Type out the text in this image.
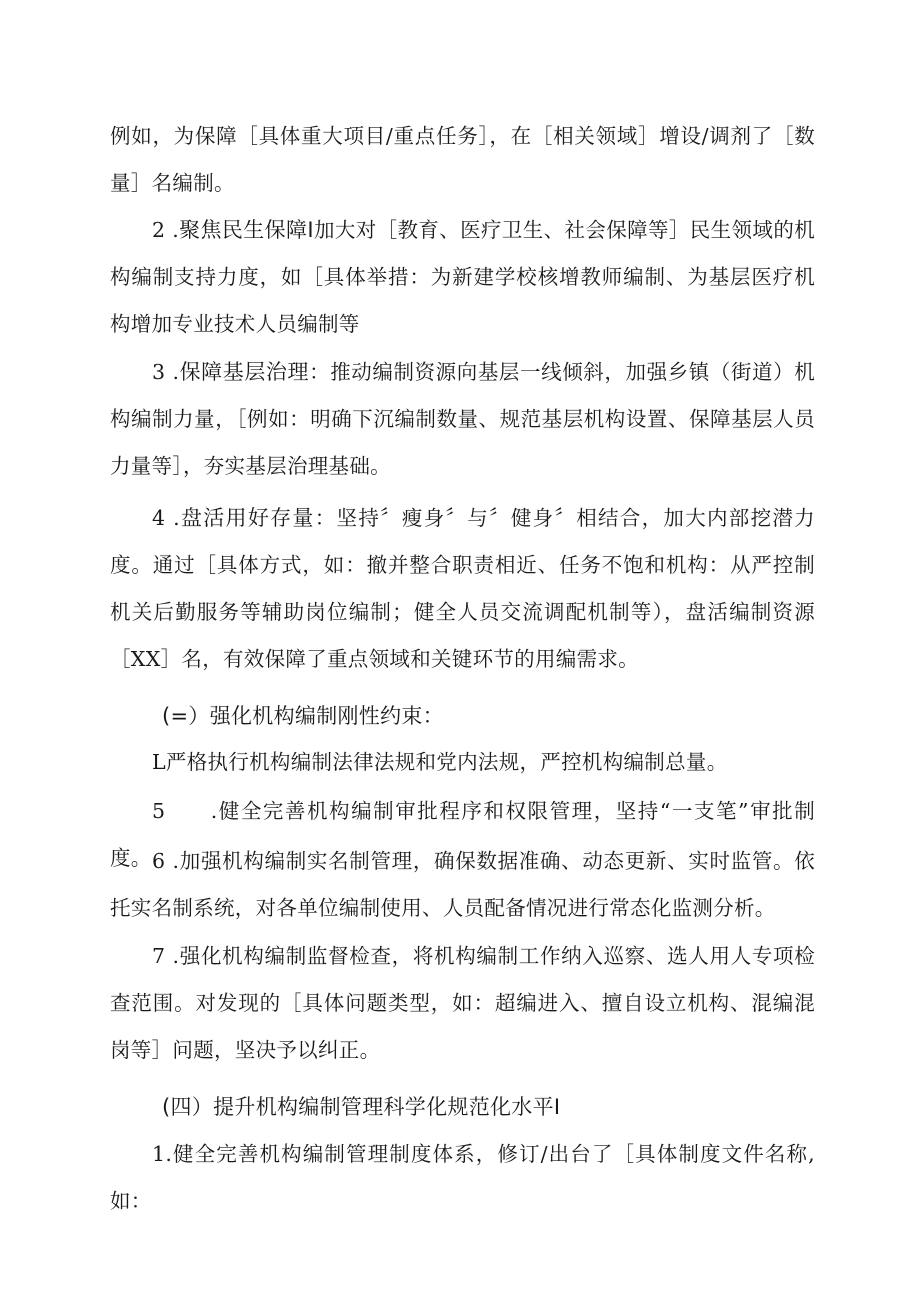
例如，为保障［具体重大项目/重点任务］，在［相关领域］增设/调剂了［数量］名编制。

2 .聚焦民生保障I加大对［教育、医疗卫生、社会保障等］民生领域的机构编制支持力度，如［具体举措：为新建学校核增教师编制、为基层医疗机构增加专业技术人员编制等

3 .保障基层治理：推动编制资源向基层一线倾斜，加强乡镇（街道）机构编制力量，［例如：明确下沉编制数量、规范基层机构设置、保障基层人员力量等］，夯实基层治理基础。

4 .盘活用好存量：坚持〞瘦身〞与〞健身〞相结合，加大内部挖潜力度。通过［具体方式，如：撤并整合职责相近、任务不饱和机构：从严控制机关后勤服务等辅助岗位编制；健全人员交流调配机制等），盘活编制资源［XX］名，有效保障了重点领域和关键环节的用编需求。

(=）强化机构编制刚性约束：

L严格执行机构编制法律法规和党内法规，严控机构编制总量。

5　　.健全完善机构编制审批程序和权限管理，坚持“一支笔”审批制度。 6 .加强机构编制实名制管理，确保数据准确、动态更新、实时监管。依托实名制系统，对各单位编制使用、人员配备情况进行常态化监测分析。

7 .强化机构编制监督检查，将机构编制工作纳入巡察、选人用人专项检查范围。对发现的［具体问题类型，如：超编进入、擅自设立机构、混编混岗等］问题，坚决予以纠正。

(四）提升机构编制管理科学化规范化水平I

1.健全完善机构编制管理制度体系，修订/出台了［具体制度文件名称,如：
